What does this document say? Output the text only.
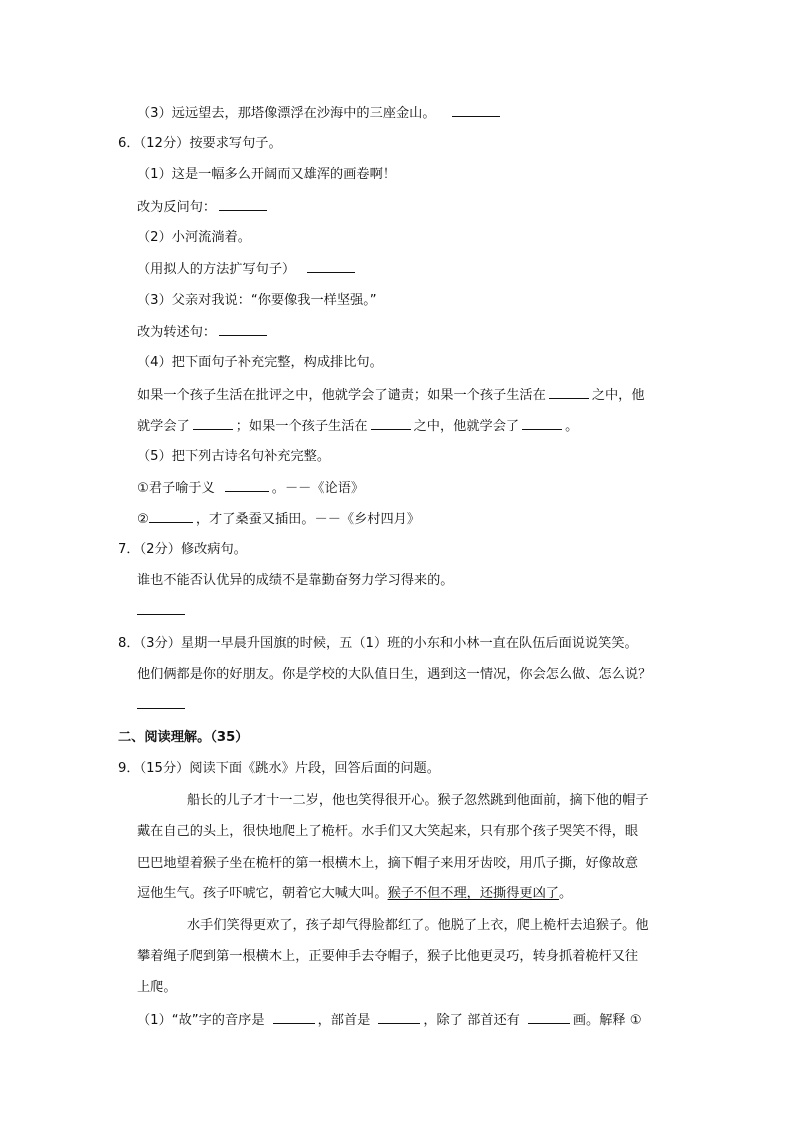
（3）远远望去，那塔像漂浮在沙海中的三座金山。
6．（12分）按要求写句子。
（1）这是一幅多么开阔而又雄浑的画卷啊！
改为反问句：
（2）小河流淌着。
（用拟人的方法扩写句子）
（3）父亲对我说：“你要像我一样坚强。”
改为转述句：
（4）把下面句子补充完整，构成排比句。
如果一个孩子生活在批评之中，他就学会了谴责；如果一个孩子生活在	之中，他
就学会了	；如果一个孩子生活在	之中，他就学会了	。
（5）把下列古诗名句补充完整。
①君子喻于义	。－－《论语》
②	，才了桑蚕又插田。－－《乡村四月》
7．（2分）修改病句。
谁也不能否认优异的成绩不是靠勤奋努力学习得来的。
8．（3分）星期一早晨升国旗的时候，五（1）班的小东和小林一直在队伍后面说说笑笑。
他们俩都是你的好朋友。你是学校的大队值日生，遇到这一情况，你会怎么做、怎么说？
二、阅读理解。（35）
9．（15分）阅读下面《跳水》片段，回答后面的问题。
船长的儿子才十一二岁，他也笑得很开心。猴子忽然跳到他面前，摘下他的帽子
戴在自己的头上，很快地爬上了桅杆。水手们又大笑起来，只有那个孩子哭笑不得，眼
巴巴地望着猴子坐在桅杆的第一根横木上，摘下帽子来用牙齿咬，用爪子撕，好像故意
逗他生气。孩子吓唬它，朝着它大喊大叫。猴子不但不理，还撕得更凶了。
水手们笑得更欢了，孩子却气得脸都红了。他脱了上衣，爬上桅杆去追猴子。他
攀着绳子爬到第一根横木上，正要伸手去夺帽子，猴子比他更灵巧，转身抓着桅杆又往
上爬。
（1）“故”字的音序是	，部首是	，除了 部首还有	画。解释 ①
